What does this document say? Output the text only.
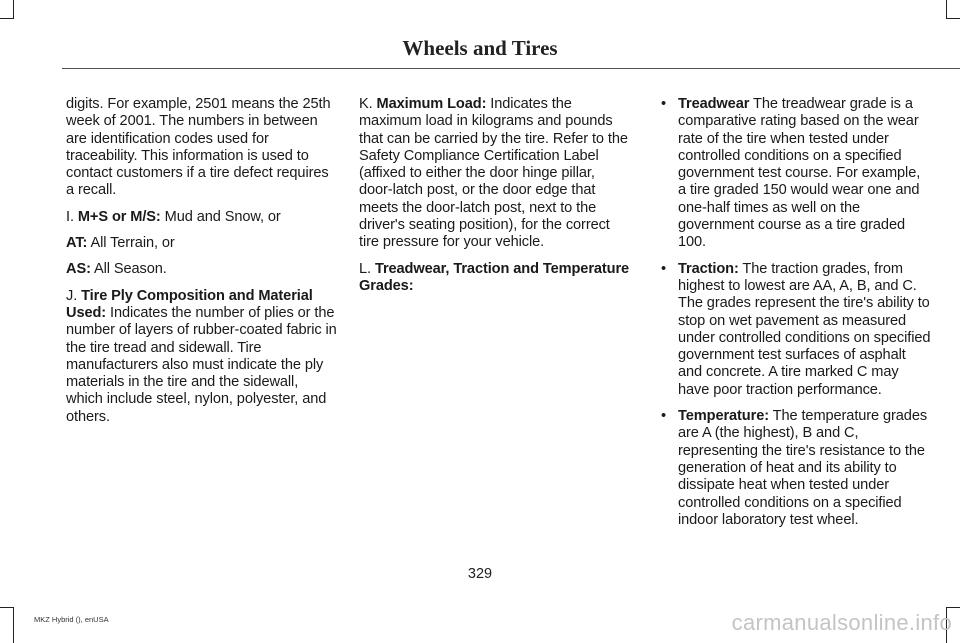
Wheels and Tires

digits. For example, 2501 means the 25th week of 2001. The numbers in between are identification codes used for traceability. This information is used to contact customers if a tire defect requires a recall.

I. M+S or M/S: Mud and Snow, or

AT: All Terrain, or

AS: All Season.

J. Tire Ply Composition and Material Used: Indicates the number of plies or the number of layers of rubber-coated fabric in the tire tread and sidewall. Tire manufacturers also must indicate the ply materials in the tire and the sidewall, which include steel, nylon, polyester, and others.

K. Maximum Load: Indicates the maximum load in kilograms and pounds that can be carried by the tire. Refer to the Safety Compliance Certification Label (affixed to either the door hinge pillar, door-latch post, or the door edge that meets the door-latch post, next to the driver's seating position), for the correct tire pressure for your vehicle.

L. Treadwear, Traction and Temperature Grades:

• Treadwear The treadwear grade is a comparative rating based on the wear rate of the tire when tested under controlled conditions on a specified government test course. For example, a tire graded 150 would wear one and one-half times as well on the government course as a tire graded 100.
• Traction: The traction grades, from highest to lowest are AA, A, B, and C. The grades represent the tire's ability to stop on wet pavement as measured under controlled conditions on specified government test surfaces of asphalt and concrete. A tire marked C may have poor traction performance.
• Temperature: The temperature grades are A (the highest), B and C, representing the tire's resistance to the generation of heat and its ability to dissipate heat when tested under controlled conditions on a specified indoor laboratory test wheel.
329
MKZ Hybrid (), enUSA	carmanualsonline.info
